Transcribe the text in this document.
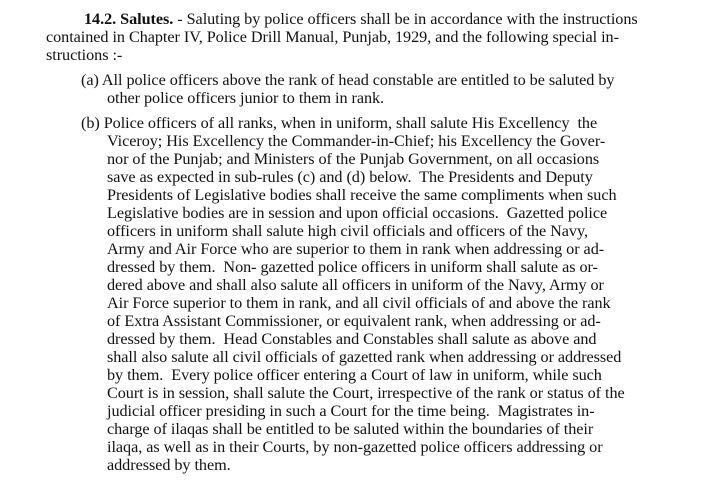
14.2. Salutes. - Saluting by police officers shall be in accordance with the instructions
contained in Chapter IV, Police Drill Manual, Punjab, 1929, and the following special in-
structions :-
(a) All police officers above the rank of head constable are entitled to be saluted by
other police officers junior to them in rank.
(b) Police officers of all ranks, when in uniform, shall salute His Excellency  the
Viceroy; His Excellency the Commander-in-Chief; his Excellency the Gover-
nor of the Punjab; and Ministers of the Punjab Government, on all occasions
save as expected in sub-rules (c) and (d) below.  The Presidents and Deputy
Presidents of Legislative bodies shall receive the same compliments when such
Legislative bodies are in session and upon official occasions.  Gazetted police
officers in uniform shall salute high civil officials and officers of the Navy,
Army and Air Force who are superior to them in rank when addressing or ad-
dressed by them.  Non- gazetted police officers in uniform shall salute as or-
dered above and shall also salute all officers in uniform of the Navy, Army or
Air Force superior to them in rank, and all civil officials of and above the rank
of Extra Assistant Commissioner, or equivalent rank, when addressing or ad-
dressed by them.  Head Constables and Constables shall salute as above and
shall also salute all civil officials of gazetted rank when addressing or addressed
by them.  Every police officer entering a Court of law in uniform, while such
Court is in session, shall salute the Court, irrespective of the rank or status of the
judicial officer presiding in such a Court for the time being.  Magistrates in-
charge of ilaqas shall be entitled to be saluted within the boundaries of their
ilaqa, as well as in their Courts, by non-gazetted police officers addressing or
addressed by them.
